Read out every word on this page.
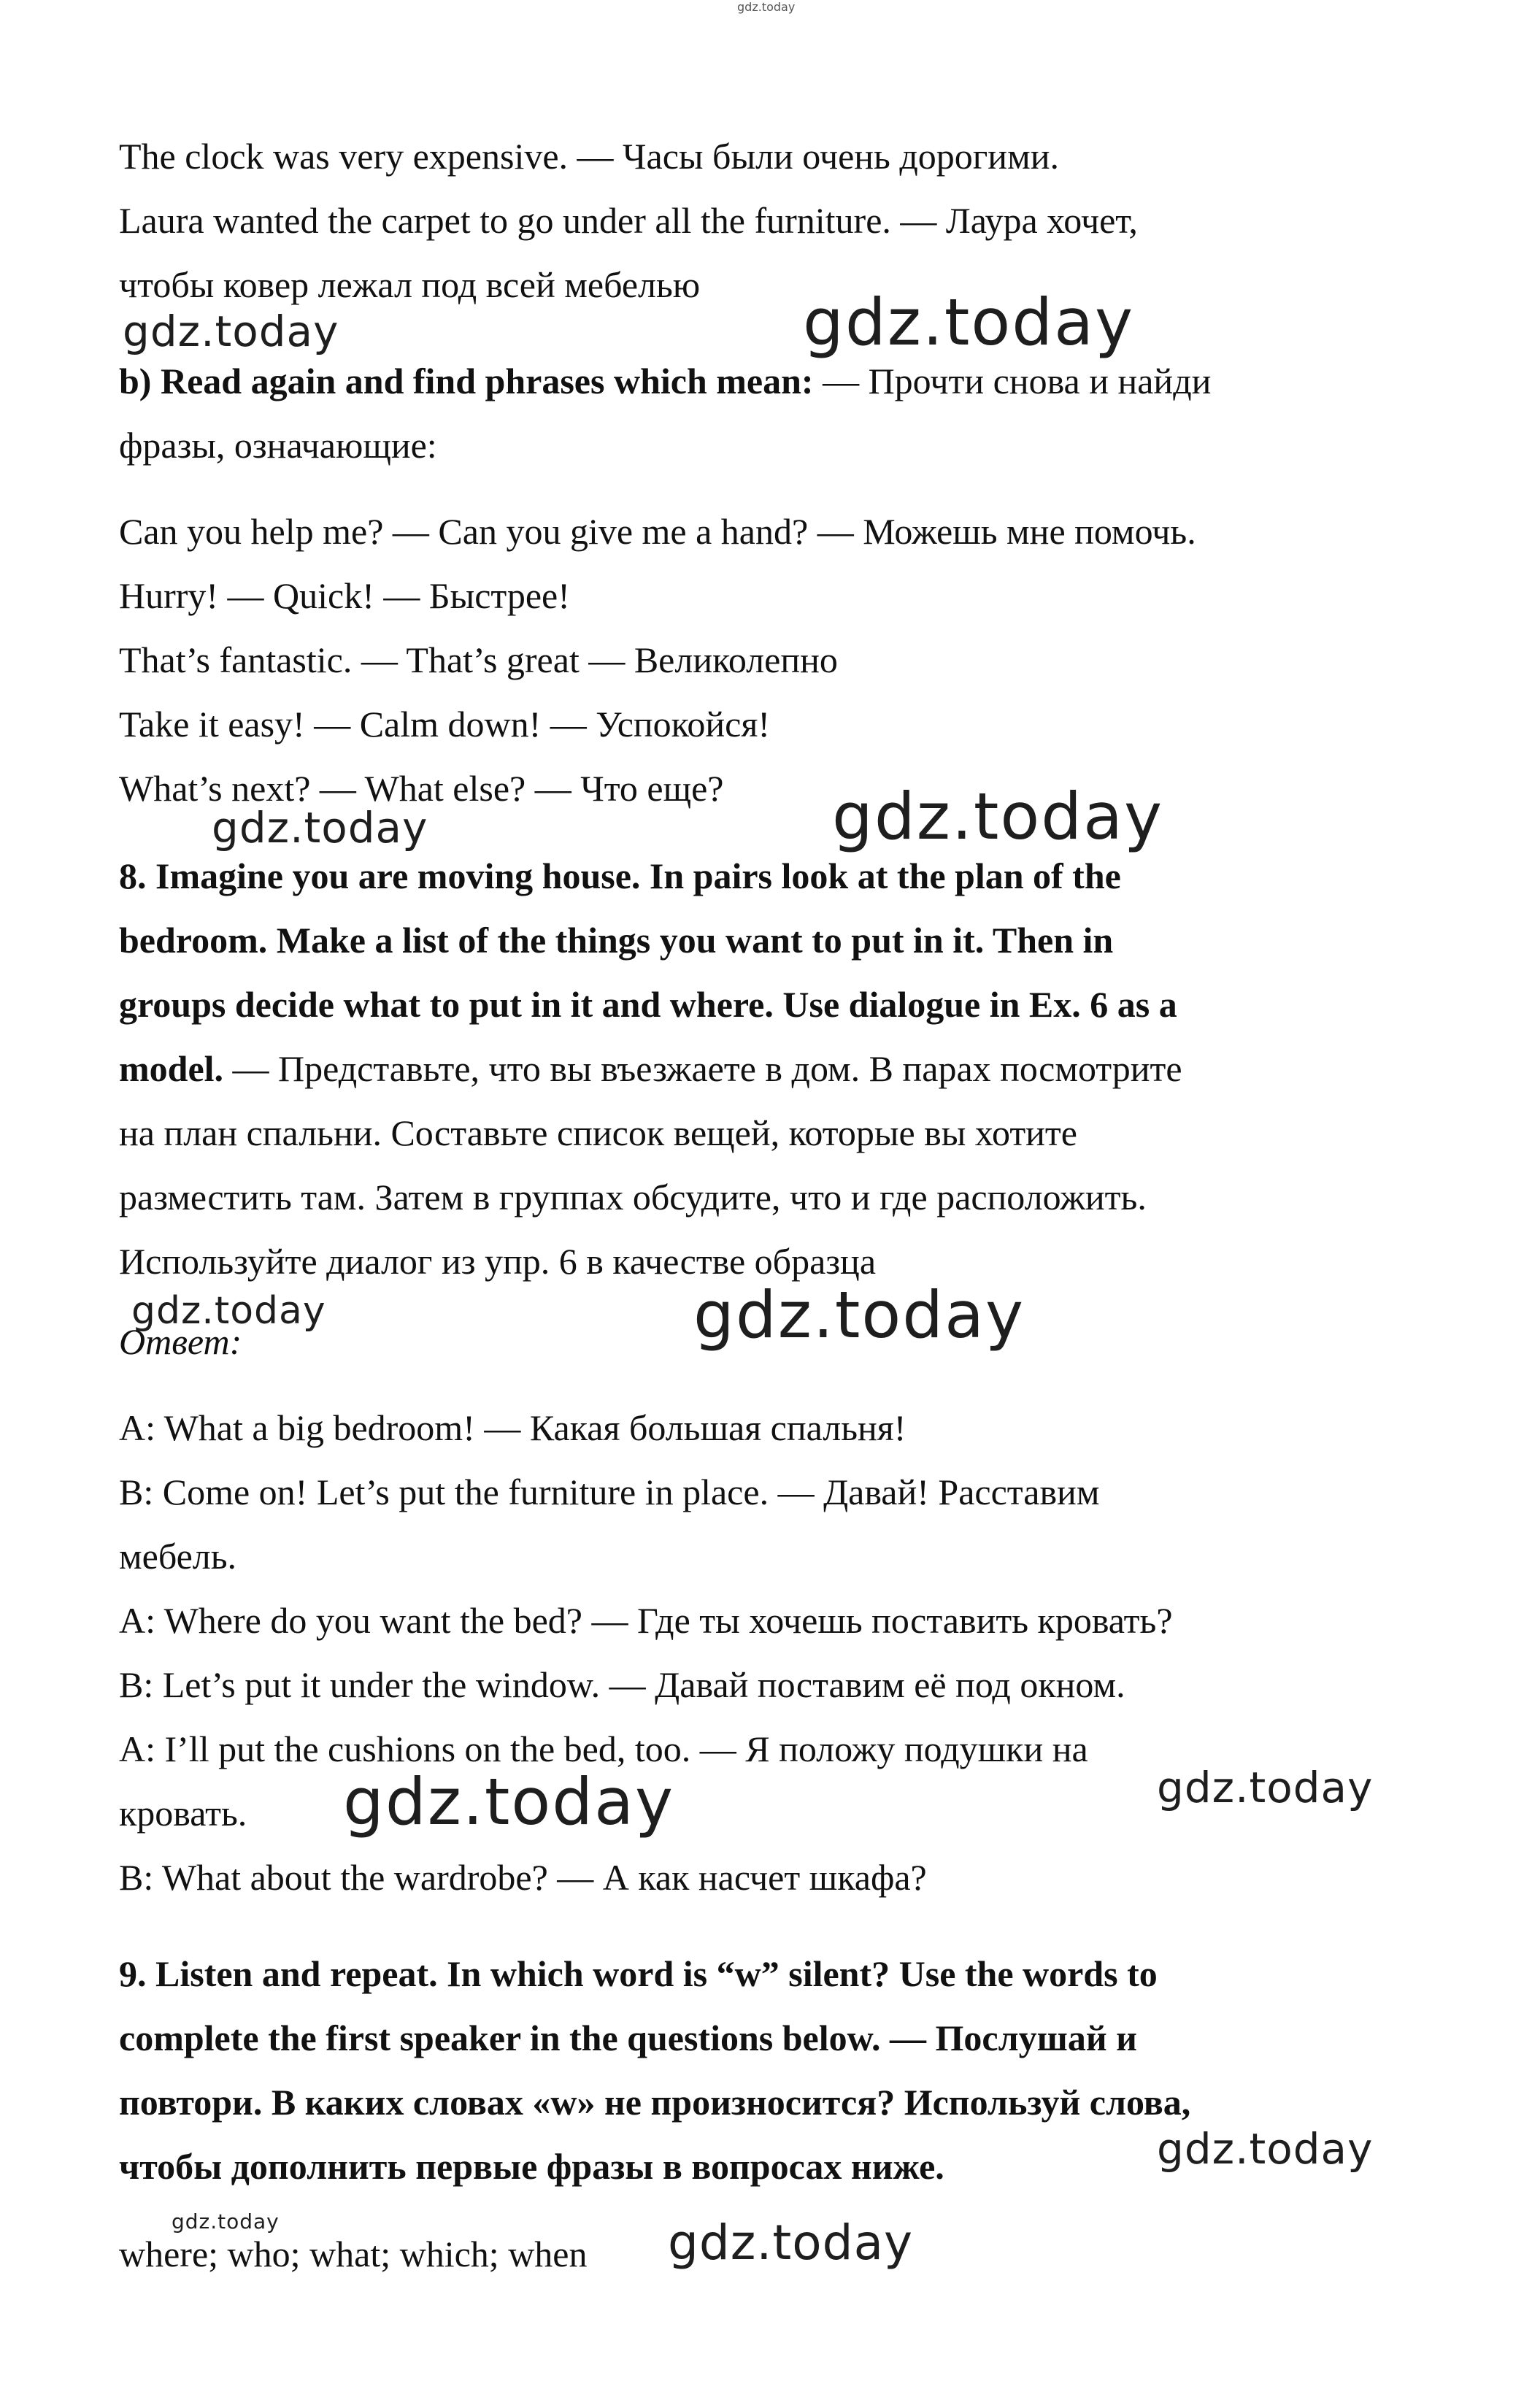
gdz.today

The clock was very expensive. — Часы были очень дорогими.

Laura wanted the carpet to go under all the furniture. — Лаура хочет,

чтобы ковер лежал под всей мебелью

gdz.today	gdz.today

b) Read again and find phrases which mean: — Прочти снова и найди

фразы, означающие:

Can you help me? — Can you give me a hand? — Можешь мне помочь.

Hurry! — Quick! — Быстрее!

That’s fantastic. — That’s great — Великолепно

Take it easy! — Calm down! — Успокойся!

What’s next? — What else? — Что еще?

gdz.today	gdz.today

8. Imagine you are moving house. In pairs look at the plan of the

bedroom. Make a list of the things you want to put in it. Then in

groups decide what to put in it and where. Use dialogue in Ex. 6 as a

model. — Представьте, что вы въезжаете в дом. В парах посмотрите

на план спальни. Составьте список вещей, которые вы хотите

разместить там. Затем в группах обсудите, что и где расположить.

Используйте диалог из упр. 6 в качестве образца

gdz.today	gdz.today

Ответ:

A: What a big bedroom! — Какая большая спальня!

B: Come on! Let’s put the furniture in place. — Давай! Расставим

мебель.

A: Where do you want the bed? — Где ты хочешь поставить кровать?

B: Let’s put it under the window. — Давай поставим её под окном.

A: I’ll put the cushions on the bed, too. — Я положу подушки на

кровать. gdz.today	gdz.today

B: What about the wardrobe? — А как насчет шкафа?

9. Listen and repeat. In which word is “w” silent? Use the words to

complete the first speaker in the questions below. — Послушай и

повтори. В каких словах «w» не произносится? Используй слова,

чтобы дополнить первые фразы в вопросах ниже.	gdz.today
gdz.today

where; who; what; which; when gdz.today
